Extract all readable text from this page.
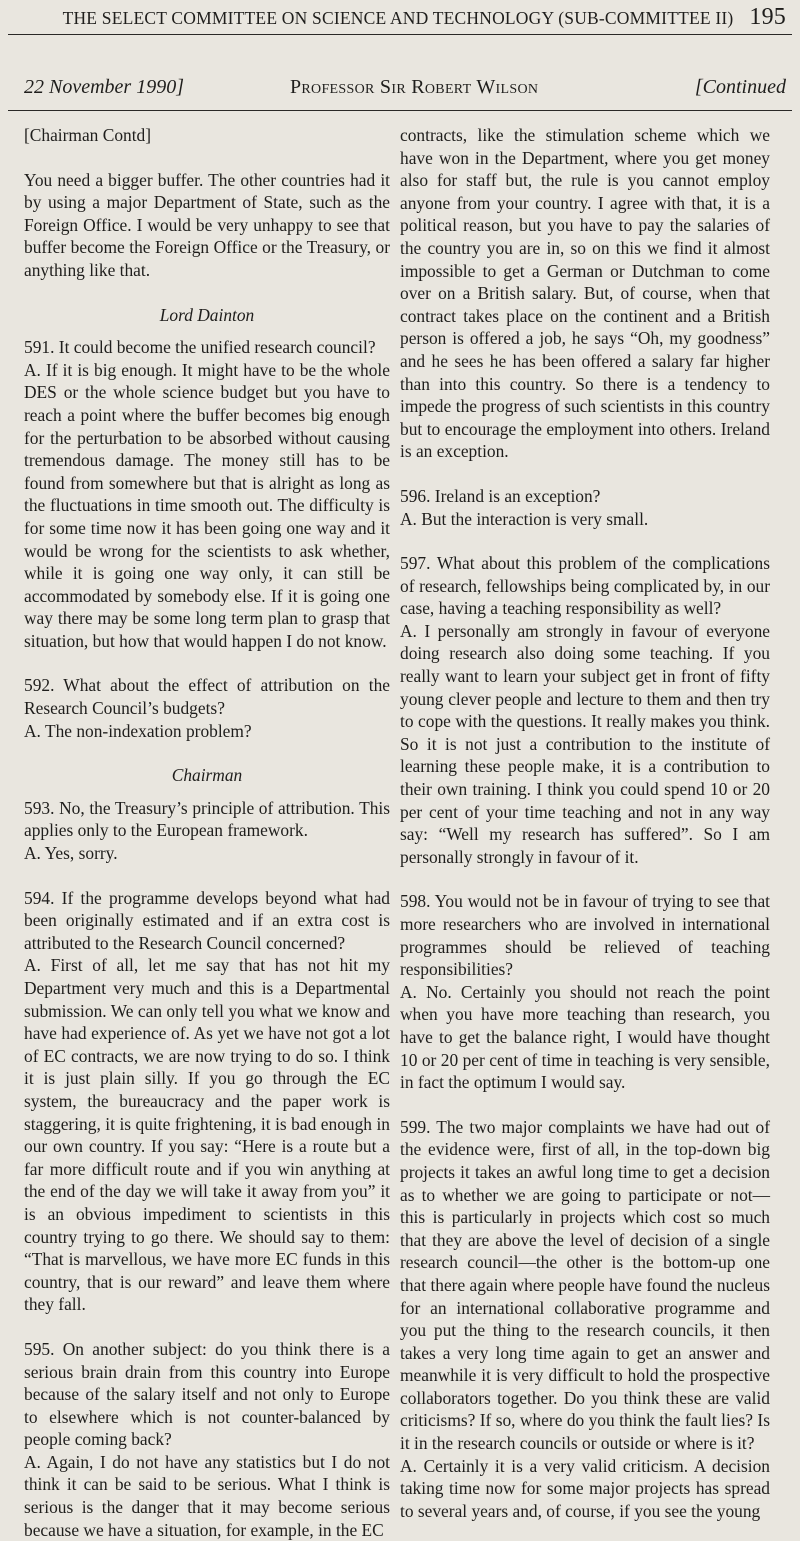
THE SELECT COMMITTEE ON SCIENCE AND TECHNOLOGY (SUB-COMMITTEE II) 195
22 November 1990]	Professor Sir Robert Wilson	[Continued

[Chairman Contd]

You need a bigger buffer. The other countries had it by using a major Department of State, such as the Foreign Office. I would be very unhappy to see that buffer become the Foreign Office or the Treasury, or anything like that.

Lord Dainton

591. It could become the unified research council?

A. If it is big enough. It might have to be the whole DES or the whole science budget but you have to reach a point where the buffer becomes big enough for the perturbation to be absorbed without causing tremendous damage. The money still has to be found from somewhere but that is alright as long as the fluctuations in time smooth out. The difficulty is for some time now it has been going one way and it would be wrong for the scientists to ask whether, while it is going one way only, it can still be accommodated by somebody else. If it is going one way there may be some long term plan to grasp that situation, but how that would happen I do not know.

592. What about the effect of attribution on the Research Council’s budgets?

A. The non-indexation problem?

Chairman

593. No, the Treasury’s principle of attribution. This applies only to the European framework.

A. Yes, sorry.

594. If the programme develops beyond what had been originally estimated and if an extra cost is attributed to the Research Council concerned?

A. First of all, let me say that has not hit my Department very much and this is a Departmental submission. We can only tell you what we know and have had experience of. As yet we have not got a lot of EC contracts, we are now trying to do so. I think it is just plain silly. If you go through the EC system, the bureaucracy and the paper work is staggering, it is quite frightening, it is bad enough in our own country. If you say: “Here is a route but a far more difficult route and if you win anything at the end of the day we will take it away from you” it is an obvious impediment to scientists in this country trying to go there. We should say to them: “That is marvellous, we have more EC funds in this country, that is our reward” and leave them where they fall.

595. On another subject: do you think there is a serious brain drain from this country into Europe because of the salary itself and not only to Europe to elsewhere which is not counter-balanced by people coming back?

A. Again, I do not have any statistics but I do not think it can be said to be serious. What I think is serious is the danger that it may become serious because we have a situation, for example, in the EC

contracts, like the stimulation scheme which we have won in the Department, where you get money also for staff but, the rule is you cannot employ anyone from your country. I agree with that, it is a political reason, but you have to pay the salaries of the country you are in, so on this we find it almost impossible to get a German or Dutchman to come over on a British salary. But, of course, when that contract takes place on the continent and a British person is offered a job, he says “Oh, my goodness” and he sees he has been offered a salary far higher than into this country. So there is a tendency to impede the progress of such scientists in this country but to encourage the employment into others. Ireland is an exception.

596. Ireland is an exception?

A. But the interaction is very small.

597. What about this problem of the complications of research, fellowships being complicated by, in our case, having a teaching responsibility as well?

A. I personally am strongly in favour of everyone doing research also doing some teaching. If you really want to learn your subject get in front of fifty young clever people and lecture to them and then try to cope with the questions. It really makes you think. So it is not just a contribution to the institute of learning these people make, it is a contribution to their own training. I think you could spend 10 or 20 per cent of your time teaching and not in any way say: “Well my research has suffered”. So I am personally strongly in favour of it.

598. You would not be in favour of trying to see that more researchers who are involved in international programmes should be relieved of teaching responsibilities?

A. No. Certainly you should not reach the point when you have more teaching than research, you have to get the balance right, I would have thought 10 or 20 per cent of time in teaching is very sensible, in fact the optimum I would say.

599. The two major complaints we have had out of the evidence were, first of all, in the top-down big projects it takes an awful long time to get a decision as to whether we are going to participate or not—this is particularly in projects which cost so much that they are above the level of decision of a single research council—the other is the bottom-up one that there again where people have found the nucleus for an international collaborative programme and you put the thing to the research councils, it then takes a very long time again to get an answer and meanwhile it is very difficult to hold the prospective collaborators together. Do you think these are valid criticisms? If so, where do you think the fault lies? Is it in the research councils or outside or where is it?

A. Certainly it is a very valid criticism. A decision taking time now for some major projects has spread to several years and, of course, if you see the young
